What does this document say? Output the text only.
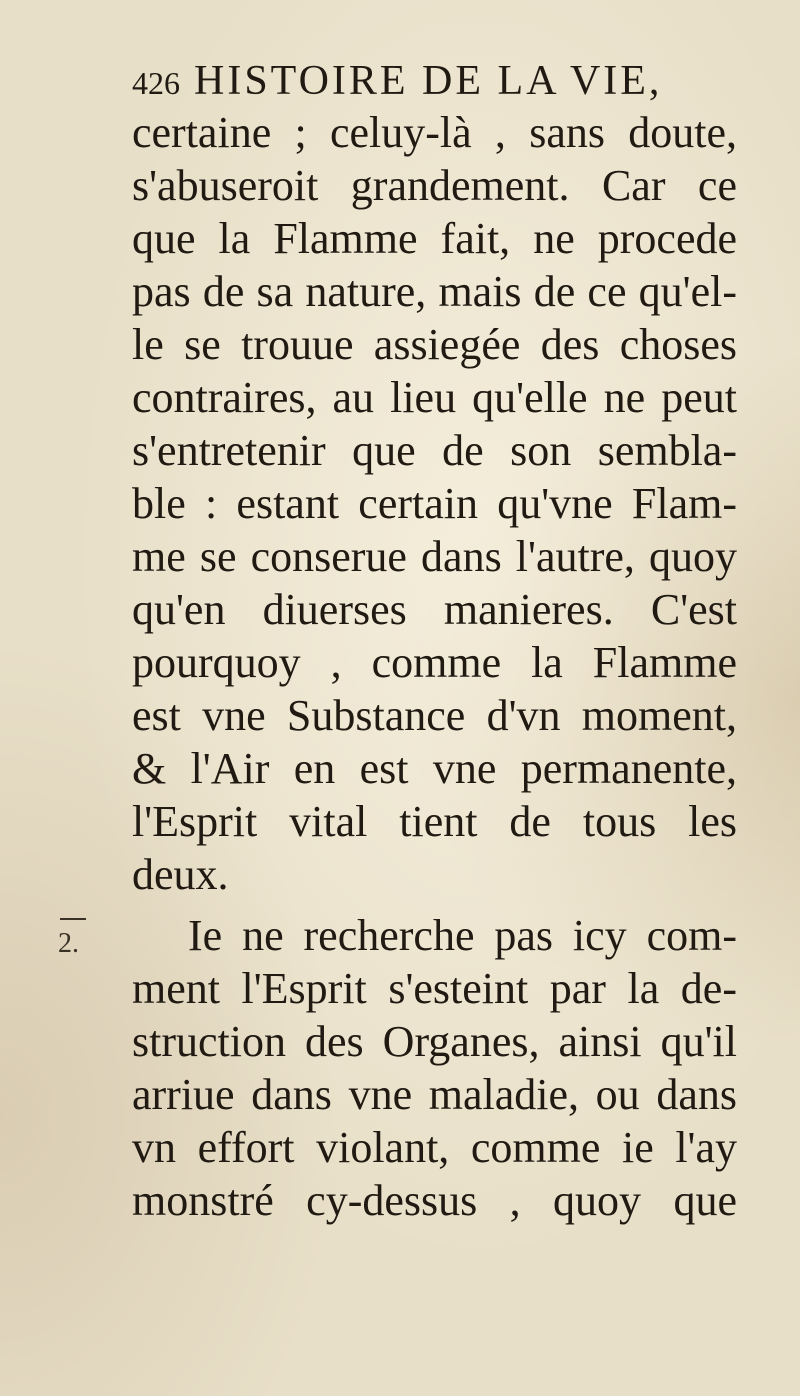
426 HISTOIRE DE LA VIE,
certaine ; celuy-là , sans doute,
s'abuseroit grandement. Car ce
que la Flamme fait, ne procede
pas de sa nature, mais de ce qu'el-
le se trouue assiegée des choses
contraires, au lieu qu'elle ne peut
s'entretenir que de son sembla-
ble : estant certain qu'vne Flam-
me se conserue dans l'autre, quoy
qu'en diuerses manieres. C'est
pourquoy , comme la Flamme
est vne Substance d'vn moment,
& l'Air en est vne permanente,
l'Esprit vital tient de tous les
deux.
2.	Ie ne recherche pas icy com-
ment l'Esprit s'esteint par la de-
struction des Organes, ainsi qu'il
arriue dans vne maladie, ou dans
vn effort violant, comme ie l'ay
monstré cy-dessus , quoy que
